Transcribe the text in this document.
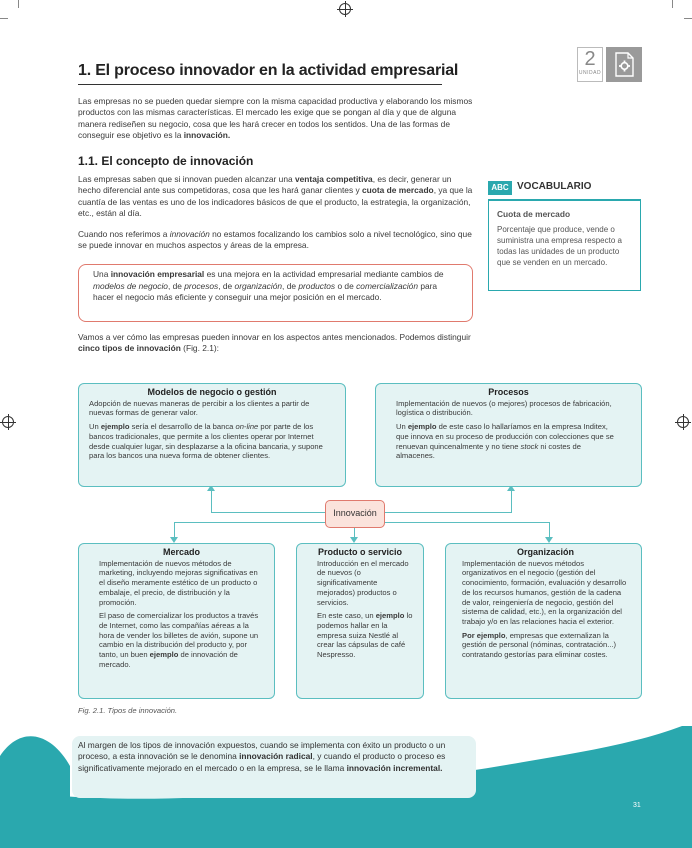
2
UNIDAD
1. El proceso innovador en la actividad empresarial
Las empresas no se pueden quedar siempre con la misma capacidad productiva y elaborando los mismos productos con las mismas características. El mercado les exige que se pongan al día y que de alguna manera rediseñen su negocio, cosa que les hará crecer en todos los sentidos. Una de las formas de conseguir ese objetivo es la innovación.
1.1. El concepto de innovación
Las empresas saben que si innovan pueden alcanzar una ventaja competitiva, es decir, generar un hecho diferencial ante sus competidoras, cosa que les hará ganar clientes y cuota de mercado, ya que la cuantía de las ventas es uno de los indicadores básicos de que el producto, la estrategia, la organización, etc., están al día.
Cuando nos referimos a innovación no estamos focalizando los cambios solo a nivel tecnológico, sino que se puede innovar en muchos aspectos y áreas de la empresa.
Una innovación empresarial es una mejora en la actividad empresarial mediante cambios de modelos de negocio, de procesos, de organización, de productos o de comercialización para hacer el negocio más eficiente y conseguir una mejor posición en el mercado.
Vamos a ver cómo las empresas pueden innovar en los aspectos antes mencionados. Podemos distinguir cinco tipos de innovación (Fig. 2.1):
ABC VOCABULARIO
Cuota de mercado
Porcentaje que produce, vende o suministra una empresa respecto a todas las unidades de un producto que se venden en un mercado.
Innovación
Modelos de negocio o gestión

Adopción de nuevas maneras de percibir a los clientes a partir de nuevas formas de generar valor.

Un ejemplo sería el desarrollo de la banca on-line por parte de los bancos tradicionales, que permite a los clientes operar por Internet desde cualquier lugar, sin desplazarse a la oficina bancaria, y supone para los bancos una nueva forma de obtener clientes.

Procesos

Implementación de nuevos (o mejores) procesos de fabricación, logística o distribución.

Un ejemplo de este caso lo hallaríamos en la empresa Inditex, que innova en su proceso de producción con colecciones que se renuevan quincenalmente y no tiene stock ni costes de almacenes.

Mercado

Implementación de nuevos métodos de marketing, incluyendo mejoras significativas en el diseño meramente estético de un producto o embalaje, el precio, de distribución y la promoción.

El paso de comercializar los productos a través de Internet, como las compañías aéreas a la hora de vender los billetes de avión, supone un cambio en la distribución del producto y, por tanto, un buen ejemplo de innovación de mercado.

Producto o servicio

Introducción en el mercado de nuevos (o significativamente mejorados) productos o servicios.

En este caso, un ejemplo lo podemos hallar en la empresa suiza Nestlé al crear las cápsulas de café Nespresso.

Organización

Implementación de nuevos métodos organizativos en el negocio (gestión del conocimiento, formación, evaluación y desarrollo de los recursos humanos, gestión de la cadena de valor, reingeniería de negocio, gestión del sistema de calidad, etc.), en la organización del trabajo y/o en las relaciones hacia el exterior.

Por ejemplo, empresas que externalizan la gestión de personal (nóminas, contratación...) contratando gestorías para eliminar costes.

Fig. 2.1. Tipos de innovación.
Al margen de los tipos de innovación expuestos, cuando se implementa con éxito un producto o un proceso, a esta innovación se le denomina innovación radical, y cuando el producto o proceso es significativamente mejorado en el mercado o en la empresa, se le llama innovación incremental.
31
